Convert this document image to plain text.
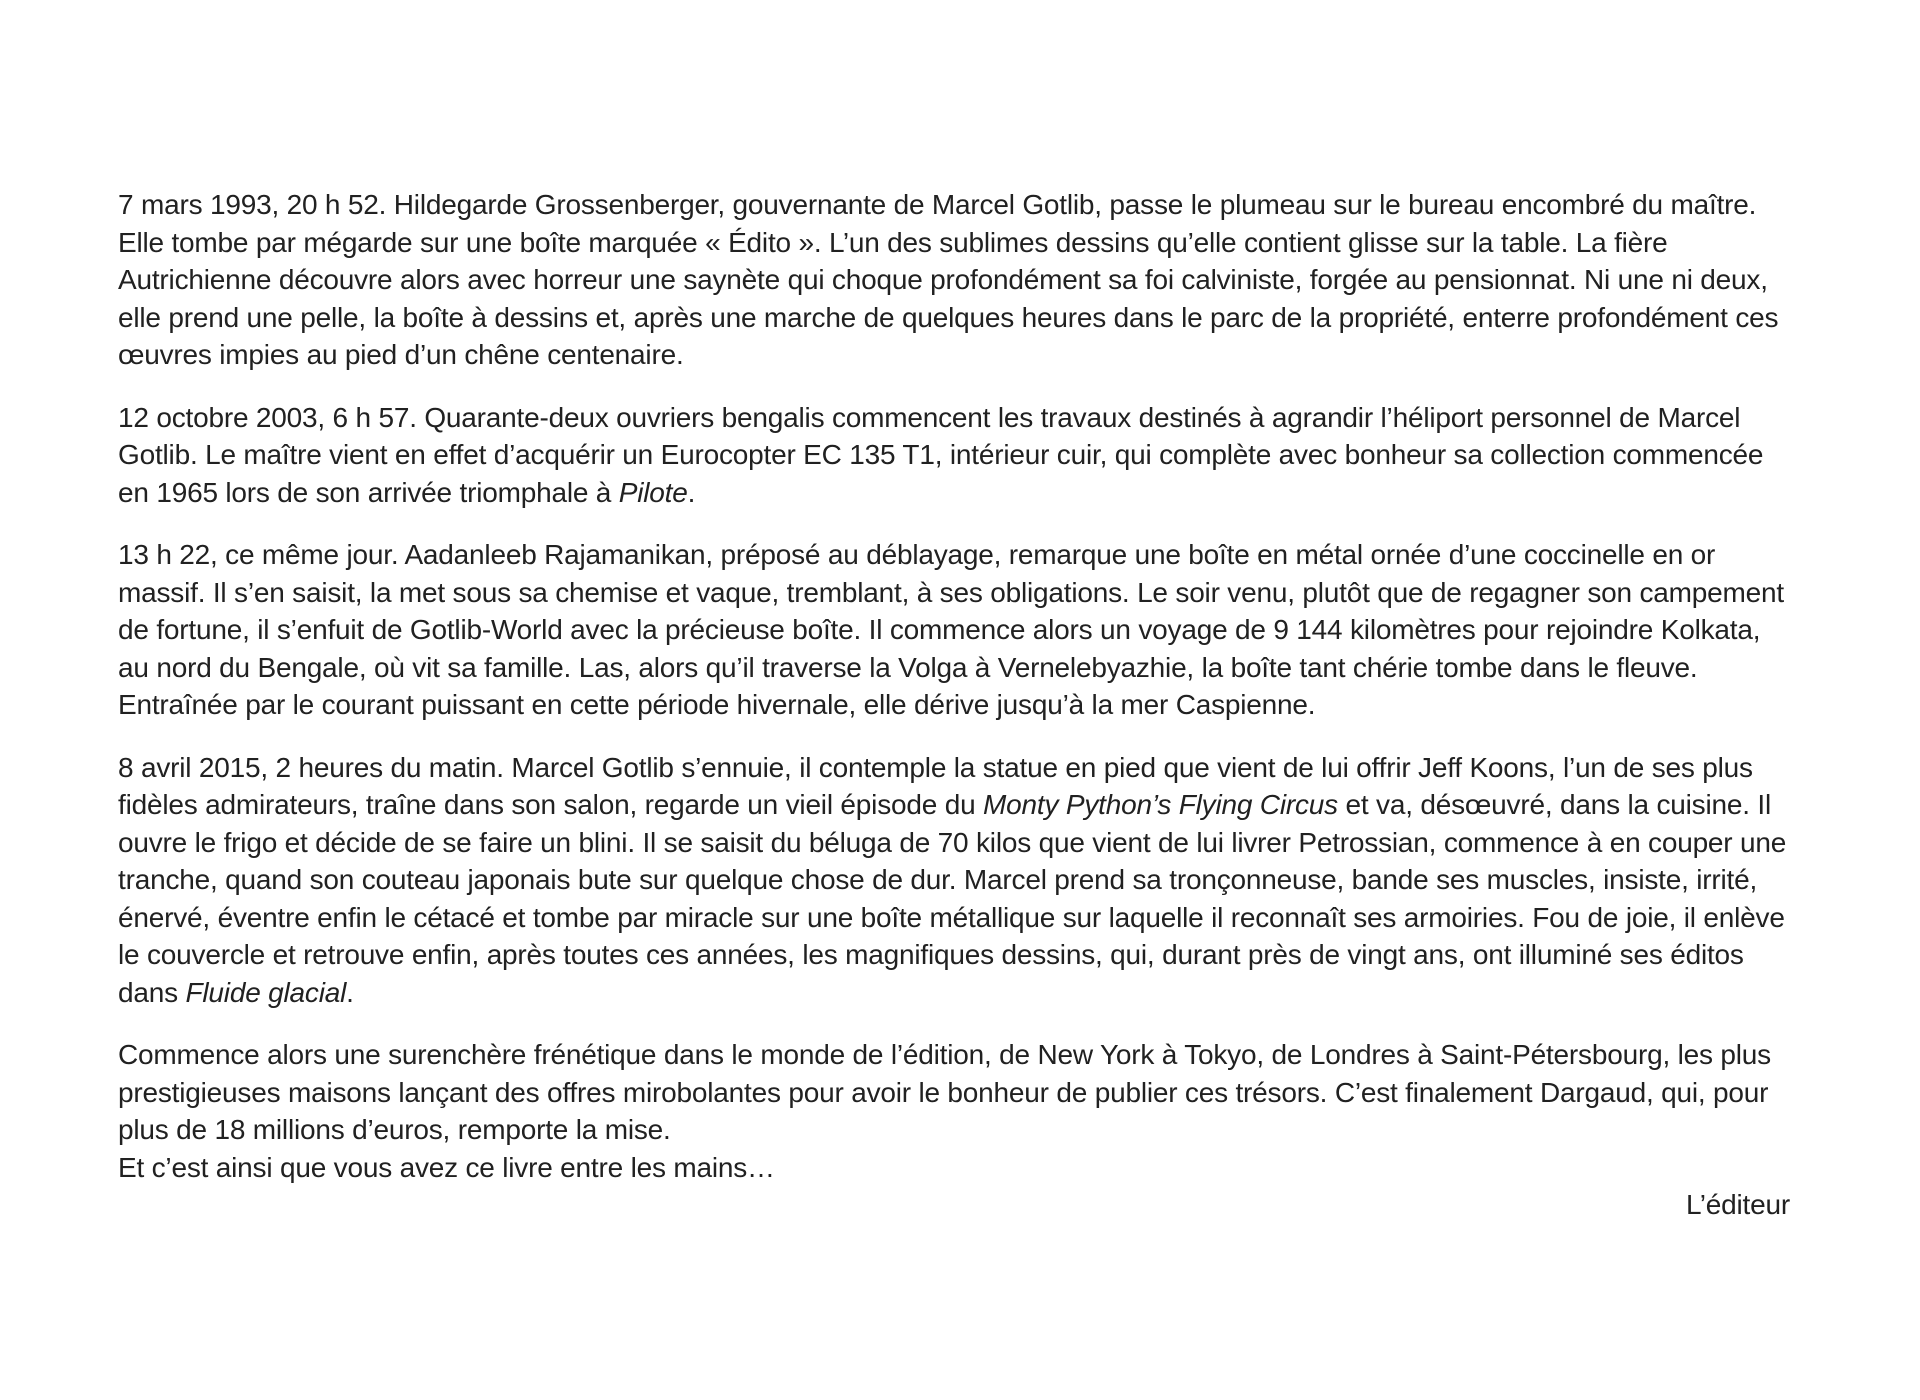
7 mars 1993, 20 h 52. Hildegarde Grossenberger, gouvernante de Marcel Gotlib, passe le plumeau sur le bureau encombré du maître. Elle tombe par mégarde sur une boîte marquée « Édito ». L’un des sublimes dessins qu’elle contient glisse sur la table. La fière Autrichienne découvre alors avec horreur une saynète qui choque profondément sa foi calviniste, forgée au pensionnat. Ni une ni deux, elle prend une pelle, la boîte à dessins et, après une marche de quelques heures dans le parc de la propriété, enterre profondément ces œuvres impies au pied d’un chêne centenaire.

12 octobre 2003, 6 h 57. Quarante-deux ouvriers bengalis commencent les travaux destinés à agrandir l’héliport personnel de Marcel Gotlib. Le maître vient en effet d’acquérir un Eurocopter EC 135 T1, intérieur cuir, qui complète avec bonheur sa collection commencée en 1965 lors de son arrivée triomphale à Pilote.

13 h 22, ce même jour. Aadanleeb Rajamanikan, préposé au déblayage, remarque une boîte en métal ornée d’une coccinelle en or massif. Il s’en saisit, la met sous sa chemise et vaque, tremblant, à ses obligations. Le soir venu, plutôt que de regagner son campement de fortune, il s’enfuit de Gotlib-World avec la précieuse boîte. Il commence alors un voyage de 9 144 kilomètres pour rejoindre Kolkata, au nord du Bengale, où vit sa famille. Las, alors qu’il traverse la Volga à Vernelebyazhie, la boîte tant chérie tombe dans le fleuve. Entraînée par le courant puissant en cette période hivernale, elle dérive jusqu’à la mer Caspienne.

8 avril 2015, 2 heures du matin. Marcel Gotlib s’ennuie, il contemple la statue en pied que vient de lui offrir Jeff Koons, l’un de ses plus fidèles admirateurs, traîne dans son salon, regarde un vieil épisode du Monty Python’s Flying Circus et va, désœuvré, dans la cuisine. Il ouvre le frigo et décide de se faire un blini. Il se saisit du béluga de 70 kilos que vient de lui livrer Petrossian, commence à en couper une tranche, quand son couteau japonais bute sur quelque chose de dur. Marcel prend sa tronçonneuse, bande ses muscles, insiste, irrité, énervé, éventre enfin le cétacé et tombe par miracle sur une boîte métallique sur laquelle il reconnaît ses armoiries. Fou de joie, il enlève le couvercle et retrouve enfin, après toutes ces années, les magnifiques dessins, qui, durant près de vingt ans, ont illuminé ses éditos dans Fluide glacial.

Commence alors une surenchère frénétique dans le monde de l’édition, de New York à Tokyo, de Londres à Saint-Pétersbourg, les plus prestigieuses maisons lançant des offres mirobolantes pour avoir le bonheur de publier ces trésors. C’est finalement Dargaud, qui, pour plus de 18 millions d’euros, remporte la mise.
Et c’est ainsi que vous avez ce livre entre les mains…

L’éditeur
